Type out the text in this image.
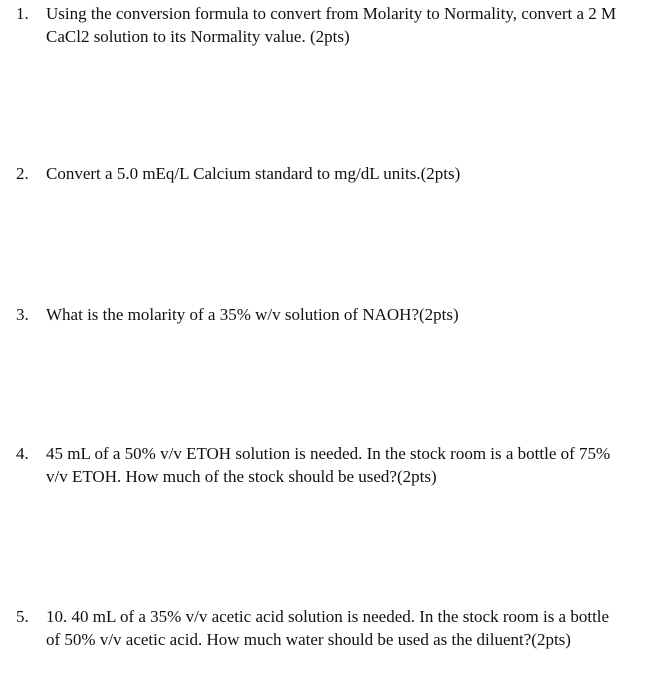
1.	Using the conversion formula to convert from Molarity to Normality, convert a 2 M CaCl2 solution to its Normality value. (2pts)
2.	Convert a 5.0 mEq/L Calcium standard to mg/dL units.(2pts)
3.	What is the molarity of a 35% w/v solution of NAOH?(2pts)
4.	45 mL of a 50% v/v ETOH solution is needed. In the stock room is a bottle of 75% v/v ETOH. How much of the stock should be used?(2pts)
5.	10. 40 mL of a 35% v/v acetic acid solution is needed. In the stock room is a bottle of 50% v/v acetic acid. How much water should be used as the diluent?(2pts)
